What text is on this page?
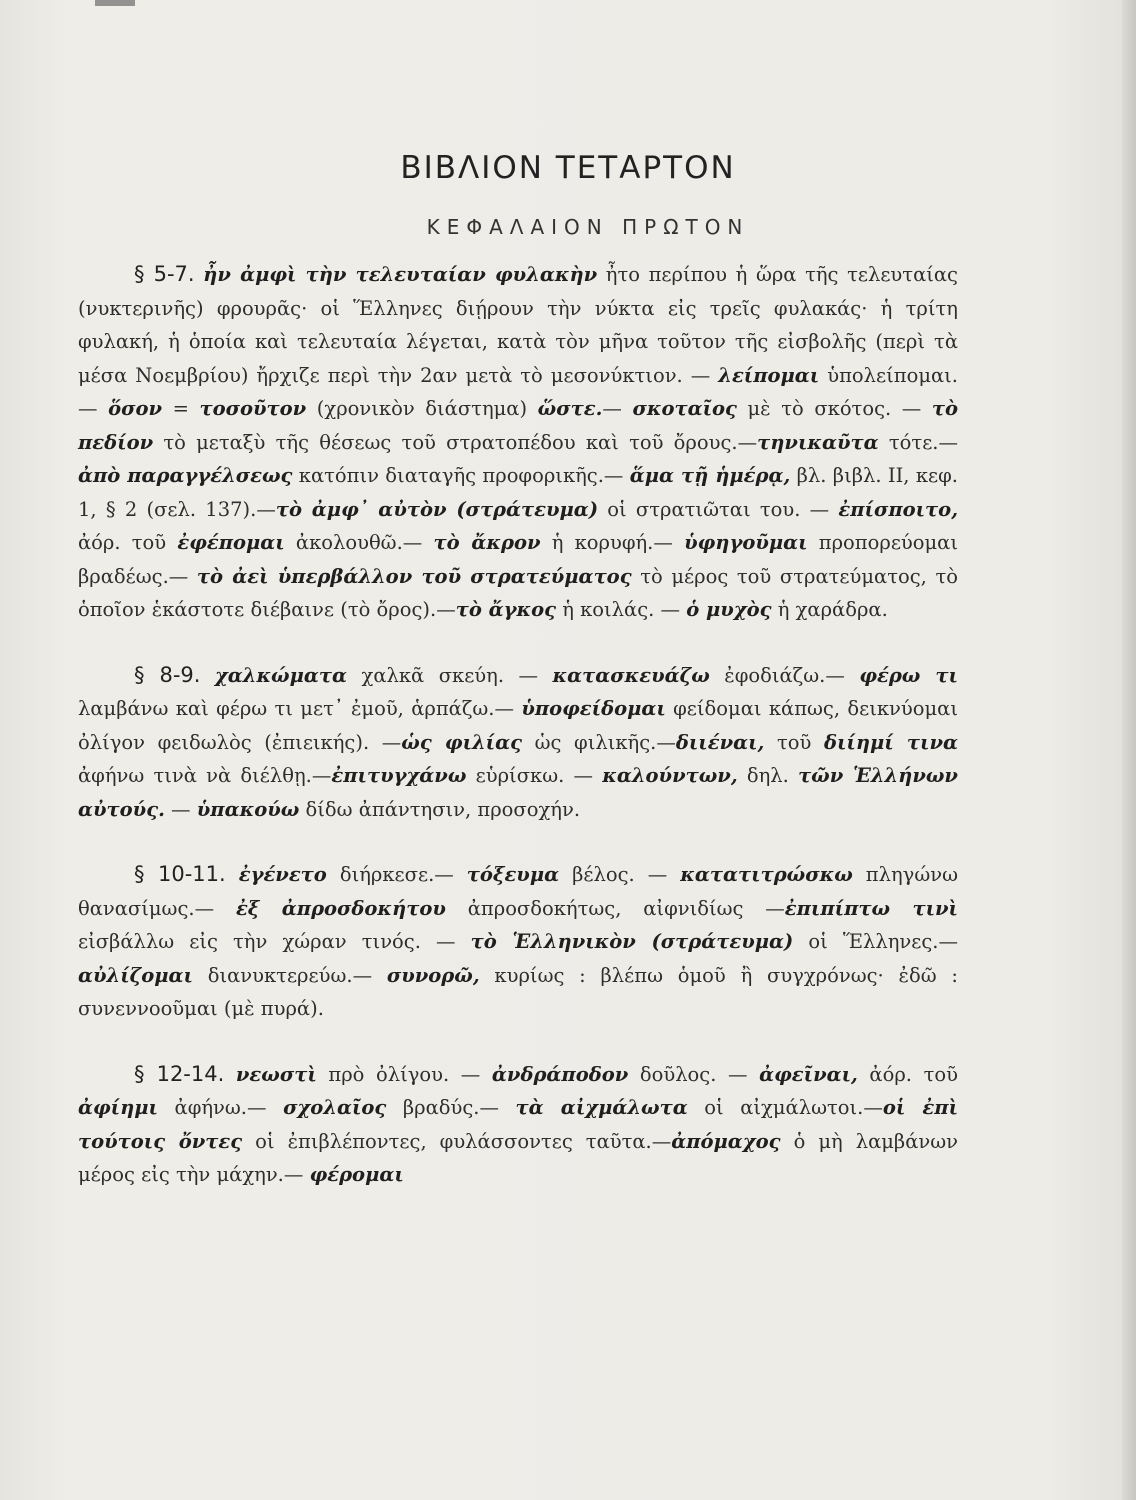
ΒΙΒΛΙΟΝ ΤΕΤΑΡΤΟΝ
ΚΕΦΑΛΑΙΟΝ ΠΡΩΤΟΝ

§ 5-7. ἦν ἀμφὶ τὴν τελευταίαν φυλακὴν ἦτο περίπου ἡ ὥρα τῆς τελευταίας (νυκτερινῆς) φρουρᾶς· οἱ Ἕλληνες διῄρουν τὴν νύκτα εἰς τρεῖς φυλακάς· ἡ τρίτη φυλακή, ἡ ὁποία καὶ τελευταία λέγεται, κατὰ τὸν μῆνα τοῦτον τῆς εἰσβολῆς (περὶ τὰ μέσα Νοεμβρίου) ἤρχιζε περὶ τὴν 2αν μετὰ τὸ μεσονύκτιον. — λείπομαι ὑπολείπομαι. — ὅσον = τοσοῦτον (χρονικὸν διάστημα) ὥστε.— σκοταῖος μὲ τὸ σκότος. — τὸ πεδίον τὸ μεταξὺ τῆς θέσεως τοῦ στρατοπέδου καὶ τοῦ ὄρους.—τηνικαῦτα τότε.—ἀπὸ παραγγέλσεως κατόπιν διαταγῆς προφορικῆς.— ἅμα τῇ ἡμέρᾳ, βλ. βιβλ. II, κεφ. 1, § 2 (σελ. 137).—τὸ ἀμφ᾽ αὐτὸν (στράτευμα) οἱ στρατιῶται του. — ἐπίσποιτο, ἀόρ. τοῦ ἐφέπομαι ἀκολουθῶ.— τὸ ἄκρον ἡ κορυφή.— ὑφηγοῦμαι προπορεύομαι βραδέως.— τὸ ἀεὶ ὑπερβάλλον τοῦ στρατεύματος τὸ μέρος τοῦ στρατεύματος, τὸ ὁποῖον ἑκάστοτε διέβαινε (τὸ ὄρος).—τὸ ἄγκος ἡ κοιλάς. — ὁ μυχὸς ἡ χαράδρα.

§ 8-9. χαλκώματα χαλκᾶ σκεύη. — κατασκευάζω ἐφοδιάζω.— φέρω τι λαμβάνω καὶ φέρω τι μετ᾽ ἐμοῦ, ἁρπάζω.— ὑποφείδομαι φείδομαι κάπως, δεικνύομαι ὀλίγον φειδωλὸς (ἐπιεικής). —ὡς φιλίας ὡς φιλικῆς.—διιέναι, τοῦ διίημί τινα ἀφήνω τινὰ νὰ διέλθῃ.—ἐπιτυγχάνω εὑρίσκω. — καλούντων, δηλ. τῶν Ἑλλήνων αὐτούς. — ὑπακούω δίδω ἀπάντησιν, προσοχήν.

§ 10-11. ἐγένετο διήρκεσε.— τόξευμα βέλος. — κατατιτρώσκω πληγώνω θανασίμως.— ἐξ ἀπροσδοκήτου ἀπροσδοκήτως, αἰφνιδίως —ἐπιπίπτω τινὶ εἰσβάλλω εἰς τὴν χώραν τινός. — τὸ Ἑλληνικὸν (στράτευμα) οἱ Ἕλληνες.— αὐλίζομαι διανυκτερεύω.— συνορῶ, κυρίως : βλέπω ὁμοῦ ἢ συγχρόνως· ἐδῶ : συνεννοοῦμαι (μὲ πυρά).

§ 12-14. νεωστὶ πρὸ ὀλίγου. — ἀνδράποδον δοῦλος. — ἀφεῖναι, ἀόρ. τοῦ ἀφίημι ἀφήνω.— σχολαῖος βραδύς.— τὰ αἰχμάλωτα οἱ αἰχμάλωτοι.—οἱ ἐπὶ τούτοις ὄντες οἱ ἐπιβλέποντες, φυλάσσοντες ταῦτα.—ἀπόμαχος ὁ μὴ λαμβάνων μέρος εἰς τὴν μάχην.— φέρομαι
